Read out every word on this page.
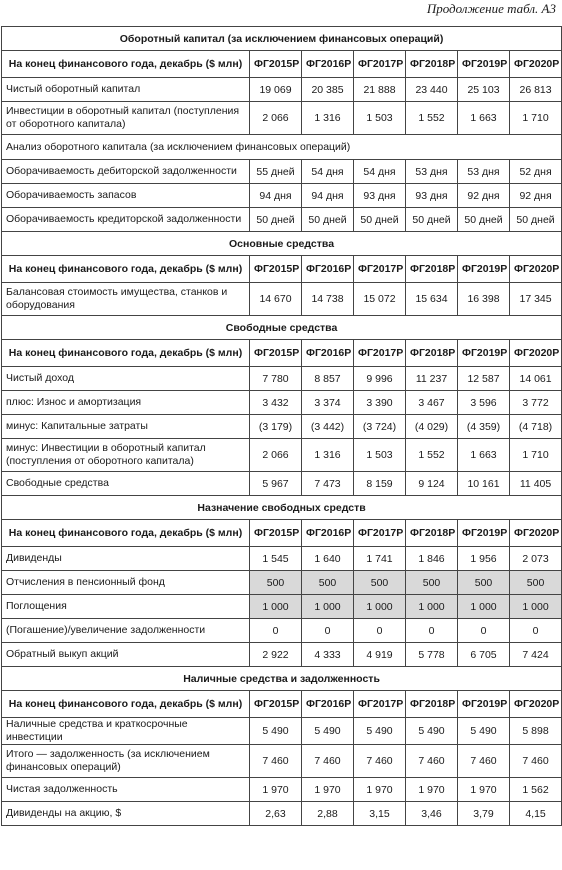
Продолжение табл. А3
Оборотный капитал (за исключением финансовых операций)						
На конец финансового года, декабрь ($ млн)	ФГ2015Р	ФГ2016Р	ФГ2017Р	ФГ2018Р	ФГ2019Р	ФГ2020Р
Чистый оборотный капитал	19 069	20 385	21 888	23 440	25 103	26 813
Инвестиции в оборотный капитал (поступления от оборотного капитала)	2 066	1 316	1 503	1 552	1 663	1 710
Анализ оборотного капитала (за исключением финансовых операций)						
Оборачиваемость дебиторской задолженности	55 дней	54 дня	54 дня	53 дня	53 дня	52 дня
Оборачиваемость запасов	94 дня	94 дня	93 дня	93 дня	92 дня	92 дня
Оборачиваемость кредиторской задолженности	50 дней	50 дней	50 дней	50 дней	50 дней	50 дней
Основные средства						
На конец финансового года, декабрь ($ млн)	ФГ2015Р	ФГ2016Р	ФГ2017Р	ФГ2018Р	ФГ2019Р	ФГ2020Р
Балансовая стоимость имущества, станков и оборудования	14 670	14 738	15 072	15 634	16 398	17 345
Свободные средства						
На конец финансового года, декабрь ($ млн)	ФГ2015Р	ФГ2016Р	ФГ2017Р	ФГ2018Р	ФГ2019Р	ФГ2020Р
Чистый доход	7 780	8 857	9 996	11 237	12 587	14 061
плюс: Износ и амортизация	3 432	3 374	3 390	3 467	3 596	3 772
минус: Капитальные затраты	(3 179)	(3 442)	(3 724)	(4 029)	(4 359)	(4 718)
минус: Инвестиции в оборотный капитал (поступления от оборотного капитала)	2 066	1 316	1 503	1 552	1 663	1 710
Свободные средства	5 967	7 473	8 159	9 124	10 161	11 405
Назначение свободных средств						
На конец финансового года, декабрь ($ млн)	ФГ2015Р	ФГ2016Р	ФГ2017Р	ФГ2018Р	ФГ2019Р	ФГ2020Р
Дивиденды	1 545	1 640	1 741	1 846	1 956	2 073
Отчисления в пенсионный фонд	500	500	500	500	500	500
Поглощения	1 000	1 000	1 000	1 000	1 000	1 000
(Погашение)/увеличение задолженности	0	0	0	0	0	0
Обратный выкуп акций	2 922	4 333	4 919	5 778	6 705	7 424
Наличные средства и задолженность						
На конец финансового года, декабрь ($ млн)	ФГ2015Р	ФГ2016Р	ФГ2017Р	ФГ2018Р	ФГ2019Р	ФГ2020Р
Наличные средства и краткосрочные инвестиции	5 490	5 490	5 490	5 490	5 490	5 898
Итого — задолженность (за исключением финансовых операций)	7 460	7 460	7 460	7 460	7 460	7 460
Чистая задолженность	1 970	1 970	1 970	1 970	1 970	1 562
Дивиденды на акцию, $	2,63	2,88	3,15	3,46	3,79	4,15
